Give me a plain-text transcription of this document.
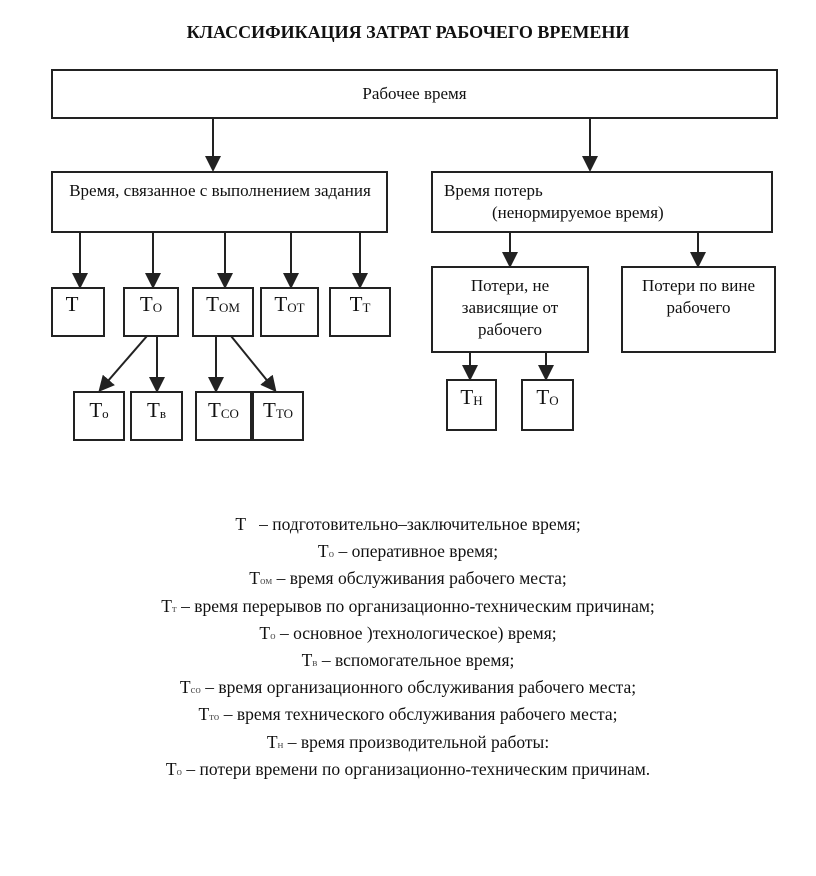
КЛАССИФИКАЦИЯ ЗАТРАТ РАБОЧЕГО ВРЕМЕНИ
Рабочее время
Время, связанное с выполнением задания	Время потерь
(ненормируемое время)
Т	$Т_О$	$Т_{ОМ}$	$Т_{ОТ}$	$Т_Т$
$Т_о$	$Т_в$	$Т_{СО}$	$Т_{ТО}$
Потери, не зависящие от рабочего
Потери по вине рабочего
$Т_Н$	$Т_О$
Т   – подготовительно–заключительное время;
То – оперативное время;
Том – время обслуживания рабочего места;
Тт – время перерывов по организационно-техническим причинам;
То – основное )технологическое) время;
Тв – вспомогательное время;
Тсо – время организационного обслуживания рабочего места;
Тто – время технического обслуживания рабочего места;
Тн – время производительной работы:
То – потери времени по организационно-техническим причинам.
